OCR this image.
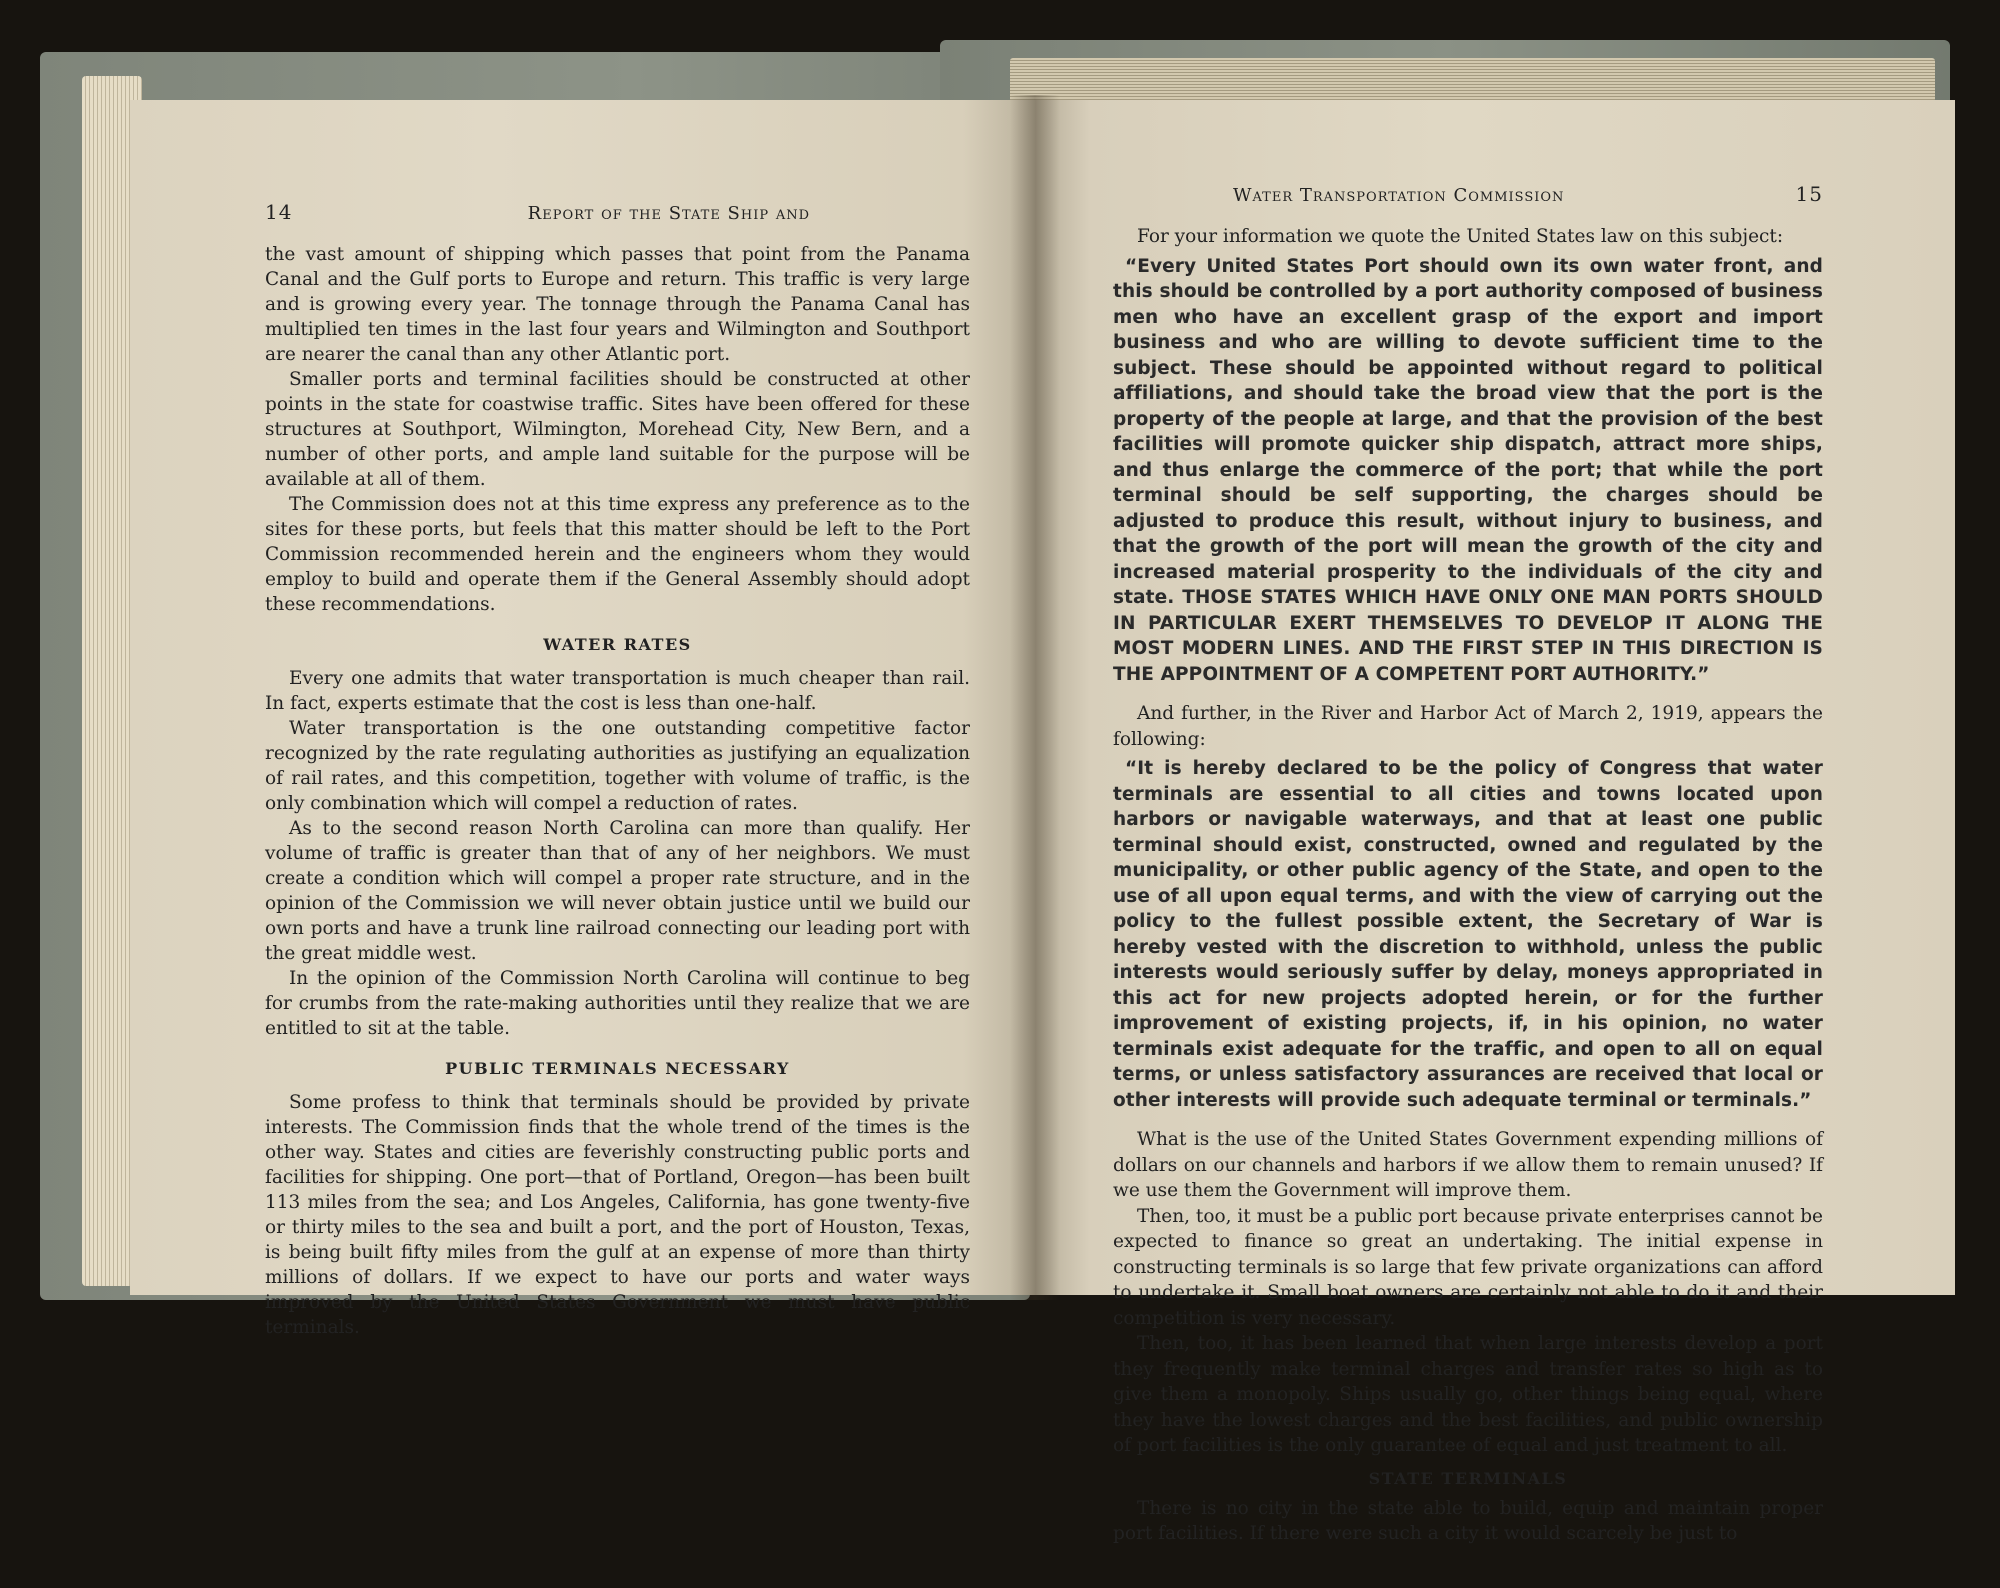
14	Report of the State Ship and

the vast amount of shipping which passes that point from the Panama Canal and the Gulf ports to Europe and return. This traffic is very large and is growing every year. The tonnage through the Panama Canal has multiplied ten times in the last four years and Wilmington and Southport are nearer the canal than any other Atlantic port.

Smaller ports and terminal facilities should be constructed at other points in the state for coastwise traffic. Sites have been offered for these structures at Southport, Wilmington, Morehead City, New Bern, and a number of other ports, and ample land suitable for the purpose will be available at all of them.

The Commission does not at this time express any preference as to the sites for these ports, but feels that this matter should be left to the Port Commission recommended herein and the engineers whom they would employ to build and operate them if the General Assembly should adopt these recommendations.

WATER RATES

Every one admits that water transportation is much cheaper than rail. In fact, experts estimate that the cost is less than one-half.

Water transportation is the one outstanding competitive factor recognized by the rate regulating authorities as justifying an equalization of rail rates, and this competition, together with volume of traffic, is the only combination which will compel a reduction of rates.

As to the second reason North Carolina can more than qualify. Her volume of traffic is greater than that of any of her neighbors. We must create a condition which will compel a proper rate structure, and in the opinion of the Commission we will never obtain justice until we build our own ports and have a trunk line railroad connecting our leading port with the great middle west.

In the opinion of the Commission North Carolina will continue to beg for crumbs from the rate-making authorities until they realize that we are entitled to sit at the table.

PUBLIC TERMINALS NECESSARY

Some profess to think that terminals should be provided by private interests. The Commission finds that the whole trend of the times is the other way. States and cities are feverishly constructing public ports and facilities for shipping. One port—that of Portland, Oregon—has been built 113 miles from the sea; and Los Angeles, California, has gone twenty-five or thirty miles to the sea and built a port, and the port of Houston, Texas, is being built fifty miles from the gulf at an expense of more than thirty millions of dollars. If we expect to have our ports and water ways improved by the United States Government we must have public terminals.

Water Transportation Commission	15

For your information we quote the United States law on this subject:

“Every United States Port should own its own water front, and this should be controlled by a port authority composed of business men who have an excellent grasp of the export and import business and who are willing to devote sufficient time to the subject. These should be appointed without regard to political affiliations, and should take the broad view that the port is the property of the people at large, and that the provision of the best facilities will promote quicker ship dispatch, attract more ships, and thus enlarge the commerce of the port; that while the port terminal should be self supporting, the charges should be adjusted to produce this result, without injury to business, and that the growth of the port will mean the growth of the city and increased material prosperity to the individuals of the city and state. THOSE STATES WHICH HAVE ONLY ONE MAN PORTS SHOULD IN PARTICULAR EXERT THEMSELVES TO DEVELOP IT ALONG THE MOST MODERN LINES. AND THE FIRST STEP IN THIS DIRECTION IS THE APPOINTMENT OF A COMPETENT PORT AUTHORITY.”

And further, in the River and Harbor Act of March 2, 1919, appears the following:

“It is hereby declared to be the policy of Congress that water terminals are essential to all cities and towns located upon harbors or navigable waterways, and that at least one public terminal should exist, constructed, owned and regulated by the municipality, or other public agency of the State, and open to the use of all upon equal terms, and with the view of carrying out the policy to the fullest possible extent, the Secretary of War is hereby vested with the discretion to withhold, unless the public interests would seriously suffer by delay, moneys appropriated in this act for new projects adopted herein, or for the further improvement of existing projects, if, in his opinion, no water terminals exist adequate for the traffic, and open to all on equal terms, or unless satisfactory assurances are received that local or other interests will provide such adequate terminal or terminals.”

What is the use of the United States Government expending millions of dollars on our channels and harbors if we allow them to remain unused? If we use them the Government will improve them.

Then, too, it must be a public port because private enterprises cannot be expected to finance so great an undertaking. The initial expense in constructing terminals is so large that few private organizations can afford to undertake it. Small boat owners are certainly not able to do it and their competition is very necessary.

Then, too, it has been learned that when large interests develop a port they frequently make terminal charges and transfer rates so high as to give them a monopoly. Ships usually go, other things being equal, where they have the lowest charges and the best facilities, and public ownership of port facilities is the only guarantee of equal and just treatment to all.

STATE TERMINALS

There is no city in the state able to build, equip and maintain proper port facilities. If there were such a city it would scarcely be just to
